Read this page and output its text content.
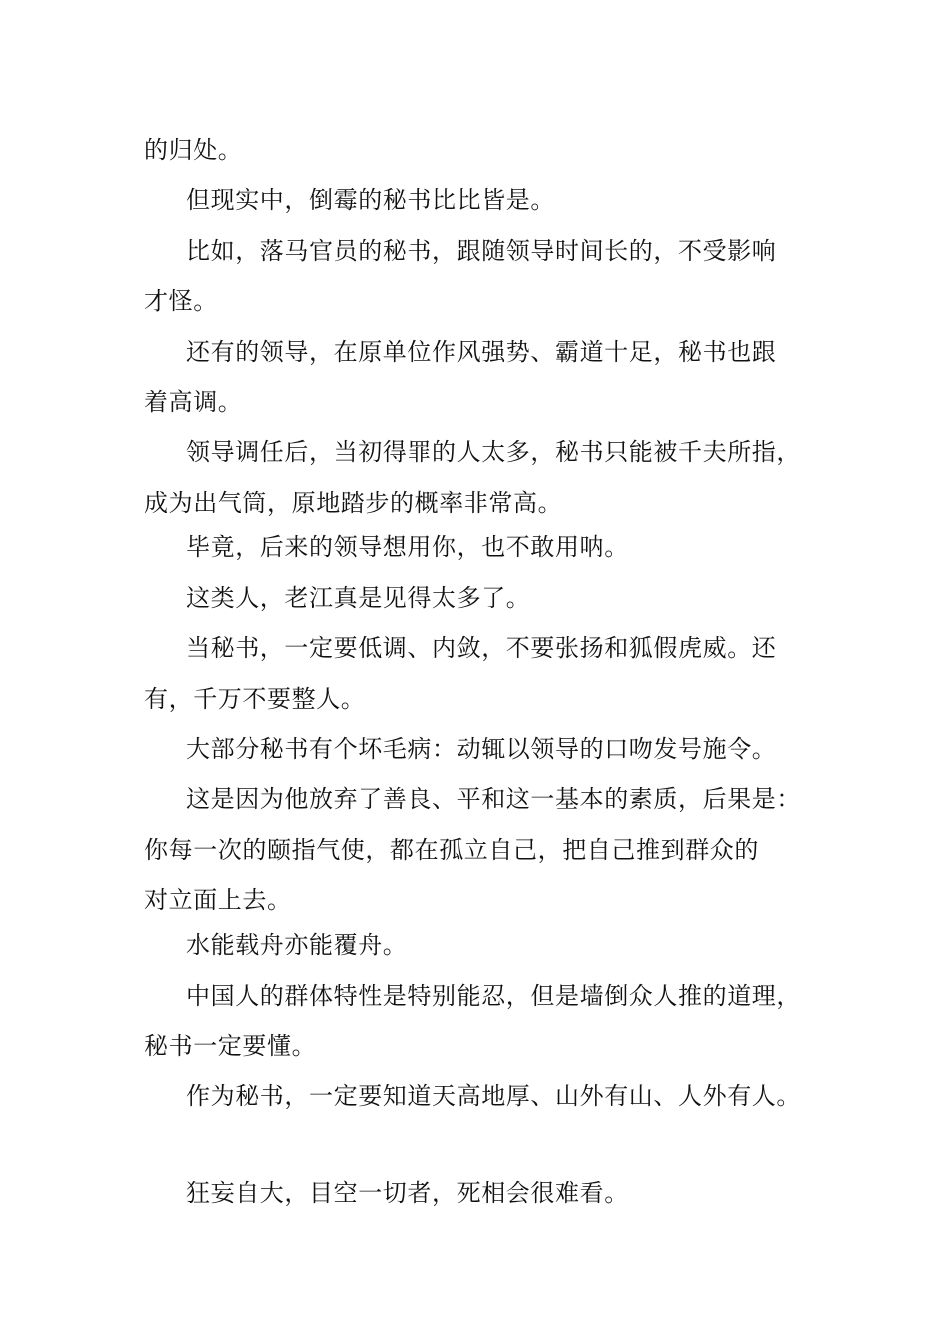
的归处。
但现实中，倒霉的秘书比比皆是。
比如，落马官员的秘书，跟随领导时间长的，不受影响
才怪。
还有的领导，在原单位作风强势、霸道十足，秘书也跟
着高调。
领导调任后，当初得罪的人太多，秘书只能被千夫所指，
成为出气筒，原地踏步的概率非常高。
毕竟，后来的领导想用你，也不敢用呐。
这类人，老江真是见得太多了。
当秘书，一定要低调、内敛，不要张扬和狐假虎威。还
有，千万不要整人。
大部分秘书有个坏毛病：动辄以领导的口吻发号施令。
这是因为他放弃了善良、平和这一基本的素质，后果是：
你每一次的颐指气使，都在孤立自己，把自己推到群众的
对立面上去。
水能载舟亦能覆舟。
中国人的群体特性是特别能忍，但是墙倒众人推的道理，
秘书一定要懂。
作为秘书，一定要知道天高地厚、山外有山、人外有人。
狂妄自大，目空一切者，死相会很难看。
